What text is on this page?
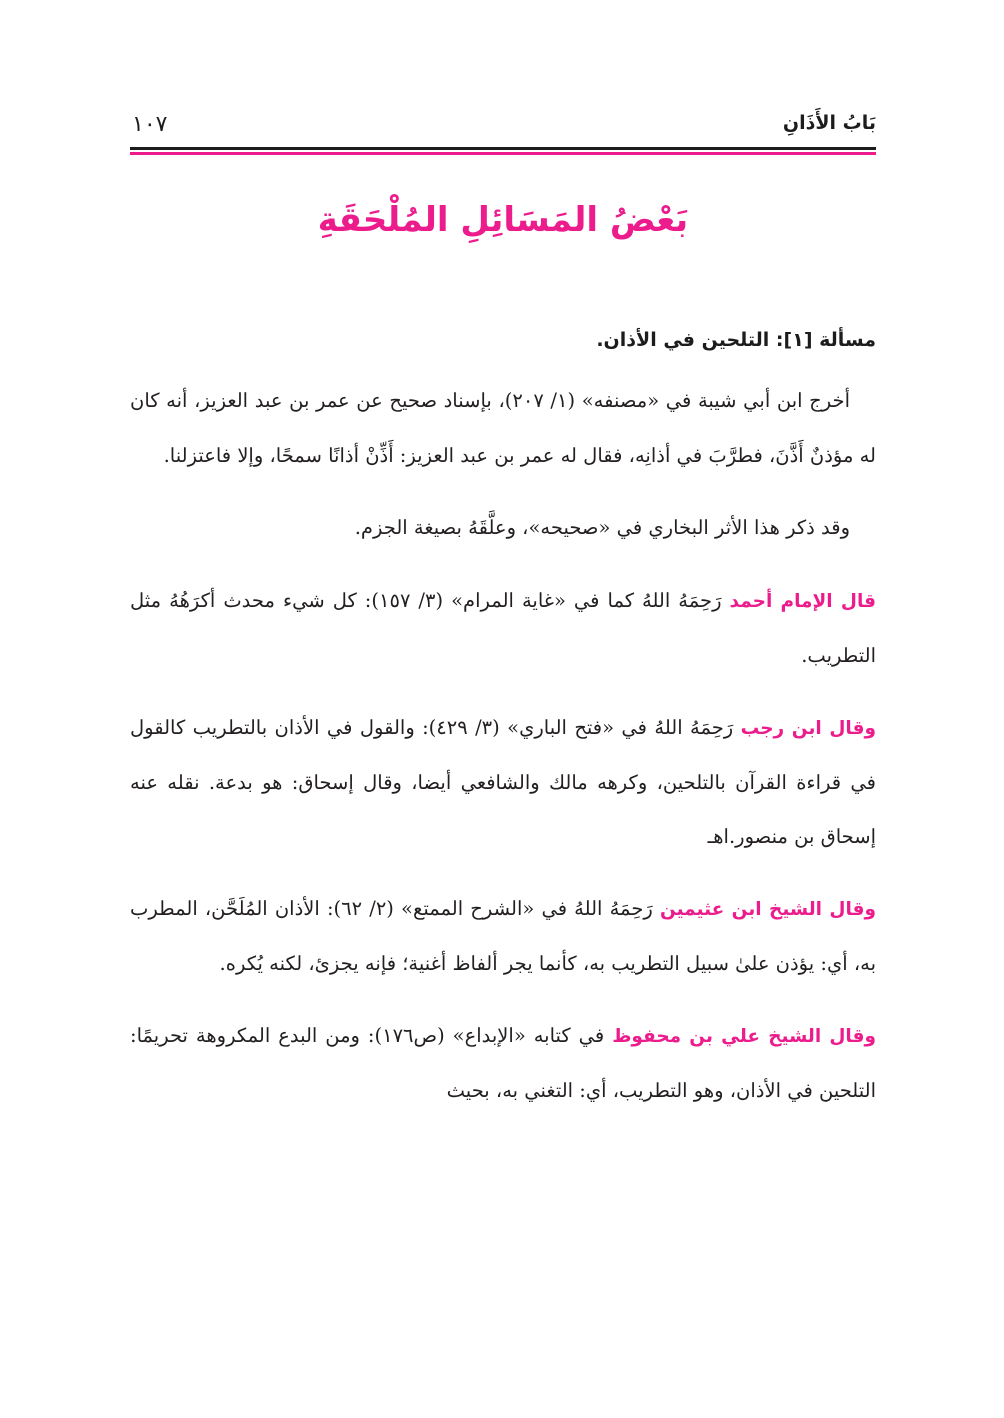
بَابُ الأَذَانِ
١٠٧
بَعْضُ المَسَائِلِ المُلْحَقَةِ
مسألة [١]: التلحين في الأذان.

أخرج ابن أبي شيبة في «مصنفه» (١/ ٢٠٧)، بإسناد صحيح عن عمر بن عبد العزيز، أنه كان له مؤذنٌ أَذَّنَ، فطرَّبَ في أذانِه، فقال له عمر بن عبد العزيز: أَذِّنْ أذانًا سمحًا، وإلا فاعتزلنا.

وقد ذكر هذا الأثر البخاري في «صحيحه»، وعلَّقَهُ بصيغة الجزم.

قال الإمام أحمد رَحِمَهُ اللهُ كما في «غاية المرام» (٣/ ١٥٧): كل شيء محدث أكرَهُهُ مثل التطريب.

وقال ابن رجب رَحِمَهُ اللهُ في «فتح الباري» (٣/ ٤٢٩): والقول في الأذان بالتطريب كالقول في قراءة القرآن بالتلحين، وكرهه مالك والشافعي أيضا، وقال إسحاق: هو بدعة. نقله عنه إسحاق بن منصور.اهـ

وقال الشيخ ابن عثيمين رَحِمَهُ اللهُ في «الشرح الممتع» (٢/ ٦٢): الأذان المُلَحَّن، المطرب به، أي: يؤذن علىٰ سبيل التطريب به، كأنما يجر ألفاظ أغنية؛ فإنه يجزئ، لكنه يُكره.

وقال الشيخ علي بن محفوظ في كتابه «الإبداع» (ص١٧٦): ومن البدع المكروهة تحريمًا: التلحين في الأذان، وهو التطريب، أي: التغني به، بحيث
